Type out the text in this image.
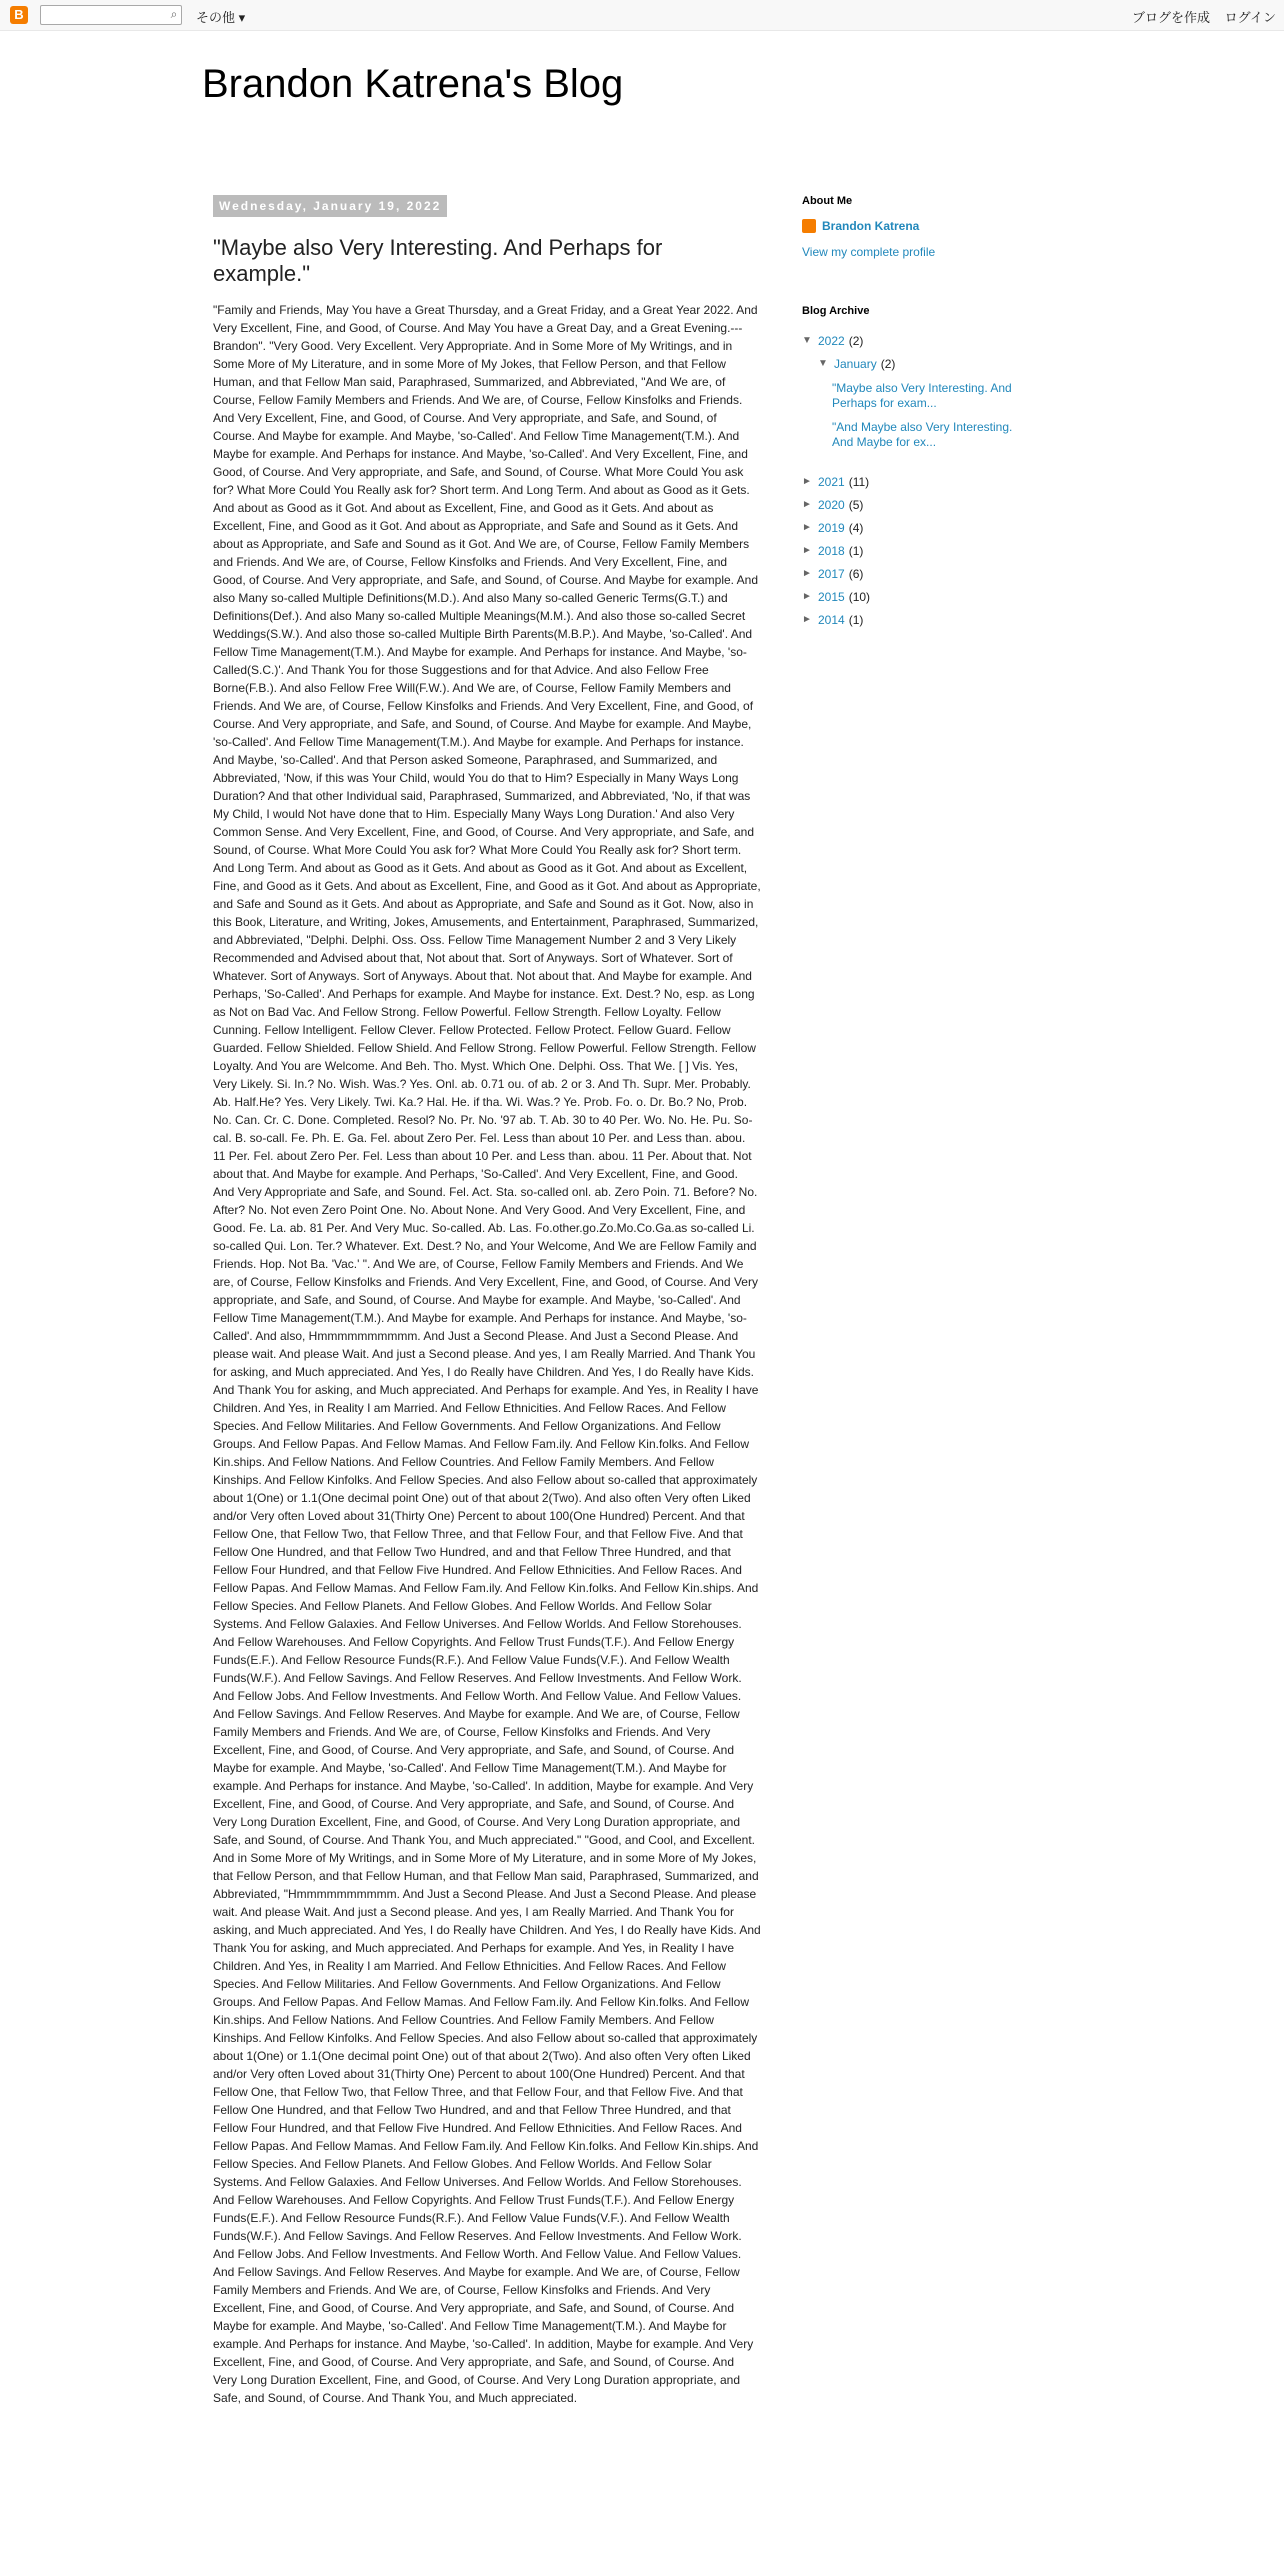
B	⌕	その他 ▾	ブログを作成 ログイン
Brandon Katrena's Blog
Wednesday, January 19, 2022
"Maybe also Very Interesting. And Perhaps for example."
"Family and Friends, May You have a Great Thursday, and a Great Friday, and a Great Year 2022. And Very Excellent, Fine, and Good, of Course. And May You have a Great Day, and a Great Evening.---Brandon". "Very Good. Very Excellent. Very Appropriate. And in Some More of My Writings, and in Some More of My Literature, and in some More of My Jokes, that Fellow Person, and that Fellow Human, and that Fellow Man said, Paraphrased, Summarized, and Abbreviated, "And We are, of Course, Fellow Family Members and Friends. And We are, of Course, Fellow Kinsfolks and Friends. And Very Excellent, Fine, and Good, of Course. And Very appropriate, and Safe, and Sound, of Course. And Maybe for example. And Maybe, 'so-Called'. And Fellow Time Management(T.M.). And Maybe for example. And Perhaps for instance. And Maybe, 'so-Called'. And Very Excellent, Fine, and Good, of Course. And Very appropriate, and Safe, and Sound, of Course. What More Could You ask for? What More Could You Really ask for? Short term. And Long Term. And about as Good as it Gets. And about as Good as it Got. And about as Excellent, Fine, and Good as it Gets. And about as Excellent, Fine, and Good as it Got. And about as Appropriate, and Safe and Sound as it Gets. And about as Appropriate, and Safe and Sound as it Got. And We are, of Course, Fellow Family Members and Friends. And We are, of Course, Fellow Kinsfolks and Friends. And Very Excellent, Fine, and Good, of Course. And Very appropriate, and Safe, and Sound, of Course. And Maybe for example. And also Many so-called Multiple Definitions(M.D.). And also Many so-called Generic Terms(G.T.) and Definitions(Def.). And also Many so-called Multiple Meanings(M.M.). And also those so-called Secret Weddings(S.W.). And also those so-called Multiple Birth Parents(M.B.P.). And Maybe, 'so-Called'. And Fellow Time Management(T.M.). And Maybe for example. And Perhaps for instance. And Maybe, 'so-Called(S.C.)'. And Thank You for those Suggestions and for that Advice. And also Fellow Free Borne(F.B.). And also Fellow Free Will(F.W.). And We are, of Course, Fellow Family Members and Friends. And We are, of Course, Fellow Kinsfolks and Friends. And Very Excellent, Fine, and Good, of Course. And Very appropriate, and Safe, and Sound, of Course. And Maybe for example. And Maybe, 'so-Called'. And Fellow Time Management(T.M.). And Maybe for example. And Perhaps for instance. And Maybe, 'so-Called'. And that Person asked Someone, Paraphrased, and Summarized, and Abbreviated, 'Now, if this was Your Child, would You do that to Him? Especially in Many Ways Long Duration? And that other Individual said, Paraphrased, Summarized, and Abbreviated, 'No, if that was My Child, I would Not have done that to Him. Especially Many Ways Long Duration.' And also Very Common Sense. And Very Excellent, Fine, and Good, of Course. And Very appropriate, and Safe, and Sound, of Course. What More Could You ask for? What More Could You Really ask for? Short term. And Long Term. And about as Good as it Gets. And about as Good as it Got. And about as Excellent, Fine, and Good as it Gets. And about as Excellent, Fine, and Good as it Got. And about as Appropriate, and Safe and Sound as it Gets. And about as Appropriate, and Safe and Sound as it Got. Now, also in this Book, Literature, and Writing, Jokes, Amusements, and Entertainment, Paraphrased, Summarized, and Abbreviated, "Delphi. Delphi. Oss. Oss. Fellow Time Management Number 2 and 3 Very Likely Recommended and Advised about that, Not about that. Sort of Anyways. Sort of Whatever. Sort of Whatever. Sort of Anyways. Sort of Anyways. About that. Not about that. And Maybe for example. And Perhaps, 'So-Called'. And Perhaps for example. And Maybe for instance. Ext. Dest.? No, esp. as Long as Not on Bad Vac. And Fellow Strong. Fellow Powerful. Fellow Strength. Fellow Loyalty. Fellow Cunning. Fellow Intelligent. Fellow Clever. Fellow Protected. Fellow Protect. Fellow Guard. Fellow Guarded. Fellow Shielded. Fellow Shield. And Fellow Strong. Fellow Powerful. Fellow Strength. Fellow Loyalty. And You are Welcome. And Beh. Tho. Myst. Which One. Delphi. Oss. That We. [ ] Vis. Yes, Very Likely. Si. In.? No. Wish. Was.? Yes. Onl. ab. 0.71 ou. of ab. 2 or 3. And Th. Supr. Mer. Probably. Ab. Half.He? Yes. Very Likely. Twi. Ka.? Hal. He. if tha. Wi. Was.? Ye. Prob. Fo. o. Dr. Bo.? No, Prob. No. Can. Cr. C. Done. Completed. Resol? No. Pr. No. '97 ab. T. Ab. 30 to 40 Per. Wo. No. He. Pu. So-cal. B. so-call. Fe. Ph. E. Ga. Fel. about Zero Per. Fel. Less than about 10 Per. and Less than. abou. 11 Per. Fel. about Zero Per. Fel. Less than about 10 Per. and Less than. abou. 11 Per. About that. Not about that. And Maybe for example. And Perhaps, 'So-Called'. And Very Excellent, Fine, and Good. And Very Appropriate and Safe, and Sound. Fel. Act. Sta. so-called onl. ab. Zero Poin. 71. Before? No. After? No. Not even Zero Point One. No. About None. And Very Good. And Very Excellent, Fine, and Good. Fe. La. ab. 81 Per. And Very Muc. So-called. Ab. Las. Fo.other.go.Zo.Mo.Co.Ga.as so-called Li. so-called Qui. Lon. Ter.? Whatever. Ext. Dest.? No, and Your Welcome, And We are Fellow Family and Friends. Hop. Not Ba. 'Vac.' ". And We are, of Course, Fellow Family Members and Friends. And We are, of Course, Fellow Kinsfolks and Friends. And Very Excellent, Fine, and Good, of Course. And Very appropriate, and Safe, and Sound, of Course. And Maybe for example. And Maybe, 'so-Called'. And Fellow Time Management(T.M.). And Maybe for example. And Perhaps for instance. And Maybe, 'so-Called'. And also, Hmmmmmmmmmm. And Just a Second Please. And Just a Second Please. And please wait. And please Wait. And just a Second please. And yes, I am Really Married. And Thank You for asking, and Much appreciated. And Yes, I do Really have Children. And Yes, I do Really have Kids. And Thank You for asking, and Much appreciated. And Perhaps for example. And Yes, in Reality I have Children. And Yes, in Reality I am Married. And Fellow Ethnicities. And Fellow Races. And Fellow Species. And Fellow Militaries. And Fellow Governments. And Fellow Organizations. And Fellow Groups. And Fellow Papas. And Fellow Mamas. And Fellow Fam.ily. And Fellow Kin.folks. And Fellow Kin.ships. And Fellow Nations. And Fellow Countries. And Fellow Family Members. And Fellow Kinships. And Fellow Kinfolks. And Fellow Species. And also Fellow about so-called that approximately about 1(One) or 1.1(One decimal point One) out of that about 2(Two). And also often Very often Liked and/or Very often Loved about 31(Thirty One) Percent to about 100(One Hundred) Percent. And that Fellow One, that Fellow Two, that Fellow Three, and that Fellow Four, and that Fellow Five. And that Fellow One Hundred, and that Fellow Two Hundred, and and that Fellow Three Hundred, and that Fellow Four Hundred, and that Fellow Five Hundred. And Fellow Ethnicities. And Fellow Races. And Fellow Papas. And Fellow Mamas. And Fellow Fam.ily. And Fellow Kin.folks. And Fellow Kin.ships. And Fellow Species. And Fellow Planets. And Fellow Globes. And Fellow Worlds. And Fellow Solar Systems. And Fellow Galaxies. And Fellow Universes. And Fellow Worlds. And Fellow Storehouses. And Fellow Warehouses. And Fellow Copyrights. And Fellow Trust Funds(T.F.). And Fellow Energy Funds(E.F.). And Fellow Resource Funds(R.F.). And Fellow Value Funds(V.F.). And Fellow Wealth Funds(W.F.). And Fellow Savings. And Fellow Reserves. And Fellow Investments. And Fellow Work. And Fellow Jobs. And Fellow Investments. And Fellow Worth. And Fellow Value. And Fellow Values. And Fellow Savings. And Fellow Reserves. And Maybe for example. And We are, of Course, Fellow Family Members and Friends. And We are, of Course, Fellow Kinsfolks and Friends. And Very Excellent, Fine, and Good, of Course. And Very appropriate, and Safe, and Sound, of Course. And Maybe for example. And Maybe, 'so-Called'. And Fellow Time Management(T.M.). And Maybe for example. And Perhaps for instance. And Maybe, 'so-Called'. In addition, Maybe for example. And Very Excellent, Fine, and Good, of Course. And Very appropriate, and Safe, and Sound, of Course. And Very Long Duration Excellent, Fine, and Good, of Course. And Very Long Duration appropriate, and Safe, and Sound, of Course. And Thank You, and Much appreciated." "Good, and Cool, and Excellent. And in Some More of My Writings, and in Some More of My Literature, and in some More of My Jokes, that Fellow Person, and that Fellow Human, and that Fellow Man said, Paraphrased, Summarized, and Abbreviated, "Hmmmmmmmmmm. And Just a Second Please. And Just a Second Please. And please wait. And please Wait. And just a Second please. And yes, I am Really Married. And Thank You for asking, and Much appreciated. And Yes, I do Really have Children. And Yes, I do Really have Kids. And Thank You for asking, and Much appreciated. And Perhaps for example. And Yes, in Reality I have Children. And Yes, in Reality I am Married. And Fellow Ethnicities. And Fellow Races. And Fellow Species. And Fellow Militaries. And Fellow Governments. And Fellow Organizations. And Fellow Groups. And Fellow Papas. And Fellow Mamas. And Fellow Fam.ily. And Fellow Kin.folks. And Fellow Kin.ships. And Fellow Nations. And Fellow Countries. And Fellow Family Members. And Fellow Kinships. And Fellow Kinfolks. And Fellow Species. And also Fellow about so-called that approximately about 1(One) or 1.1(One decimal point One) out of that about 2(Two). And also often Very often Liked and/or Very often Loved about 31(Thirty One) Percent to about 100(One Hundred) Percent. And that Fellow One, that Fellow Two, that Fellow Three, and that Fellow Four, and that Fellow Five. And that Fellow One Hundred, and that Fellow Two Hundred, and and that Fellow Three Hundred, and that Fellow Four Hundred, and that Fellow Five Hundred. And Fellow Ethnicities. And Fellow Races. And Fellow Papas. And Fellow Mamas. And Fellow Fam.ily. And Fellow Kin.folks. And Fellow Kin.ships. And Fellow Species. And Fellow Planets. And Fellow Globes. And Fellow Worlds. And Fellow Solar Systems. And Fellow Galaxies. And Fellow Universes. And Fellow Worlds. And Fellow Storehouses. And Fellow Warehouses. And Fellow Copyrights. And Fellow Trust Funds(T.F.). And Fellow Energy Funds(E.F.). And Fellow Resource Funds(R.F.). And Fellow Value Funds(V.F.). And Fellow Wealth Funds(W.F.). And Fellow Savings. And Fellow Reserves. And Fellow Investments. And Fellow Work. And Fellow Jobs. And Fellow Investments. And Fellow Worth. And Fellow Value. And Fellow Values. And Fellow Savings. And Fellow Reserves. And Maybe for example. And We are, of Course, Fellow Family Members and Friends. And We are, of Course, Fellow Kinsfolks and Friends. And Very Excellent, Fine, and Good, of Course. And Very appropriate, and Safe, and Sound, of Course. And Maybe for example. And Maybe, 'so-Called'. And Fellow Time Management(T.M.). And Maybe for example. And Perhaps for instance. And Maybe, 'so-Called'. In addition, Maybe for example. And Very Excellent, Fine, and Good, of Course. And Very appropriate, and Safe, and Sound, of Course. And Very Long Duration Excellent, Fine, and Good, of Course. And Very Long Duration appropriate, and Safe, and Sound, of Course. And Thank You, and Much appreciated.
About Me
Brandon Katrena
View my complete profile
Blog Archive
▼ 2022 (2)
▼ January (2)
"Maybe also Very Interesting. And Perhaps for exam...
"And Maybe also Very Interesting. And Maybe for ex...
► 2021 (11)
► 2020 (5)
► 2019 (4)
► 2018 (1)
► 2017 (6)
► 2015 (10)
► 2014 (1)
